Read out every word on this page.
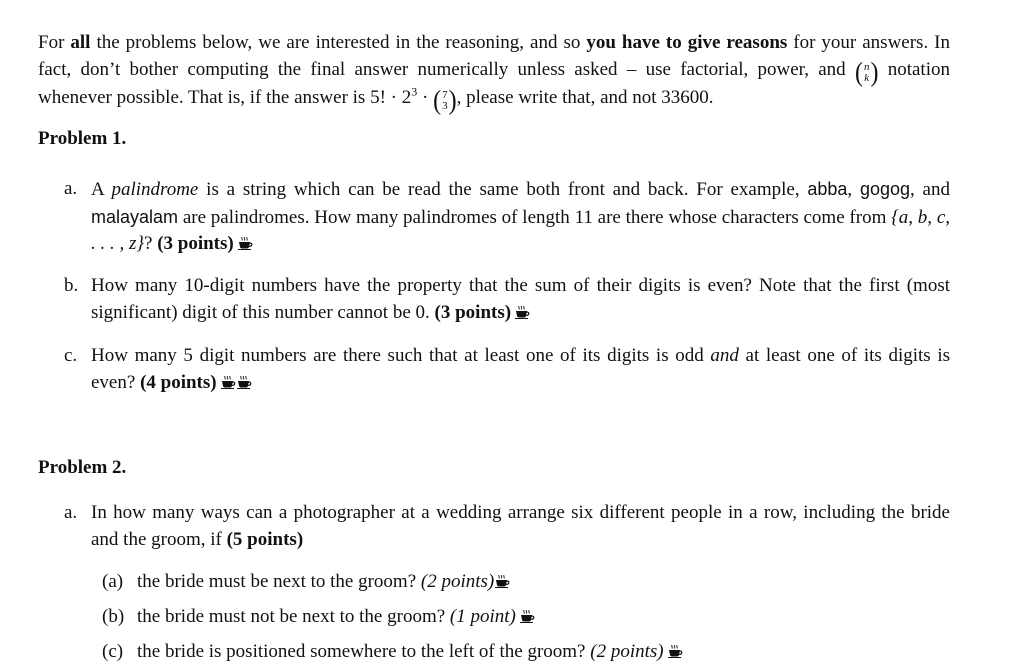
For all the problems below, we are interested in the reasoning, and so you have to give reasons for your answers. In fact, don’t bother computing the final answer numerically unless asked – use factorial, power, and ( n
k ) notation whenever possible. That is, if the answer is 5! · $2^3$ · ( 7
3 ) , please write that, and not 33600.
Problem 1.
a. A palindrome is a string which can be read the same both front and back. For example, abba, gogog, and malayalam are palindromes. How many palindromes of length 11 are there whose characters come from {a, b, c, . . . , z}? (3 points)
b. How many 10-digit numbers have the property that the sum of their digits is even? Note that the first (most significant) digit of this number cannot be 0. (3 points)
c. How many 5 digit numbers are there such that at least one of its digits is odd and at least one of its digits is even? (4 points)
Problem 2.
a. In how many ways can a photographer at a wedding arrange six different people in a row, including the bride and the groom, if (5 points)
(a) the bride must be next to the groom? (2 points)
(b) the bride must not be next to the groom? (1 point)
(c) the bride is positioned somewhere to the left of the groom? (2 points)
